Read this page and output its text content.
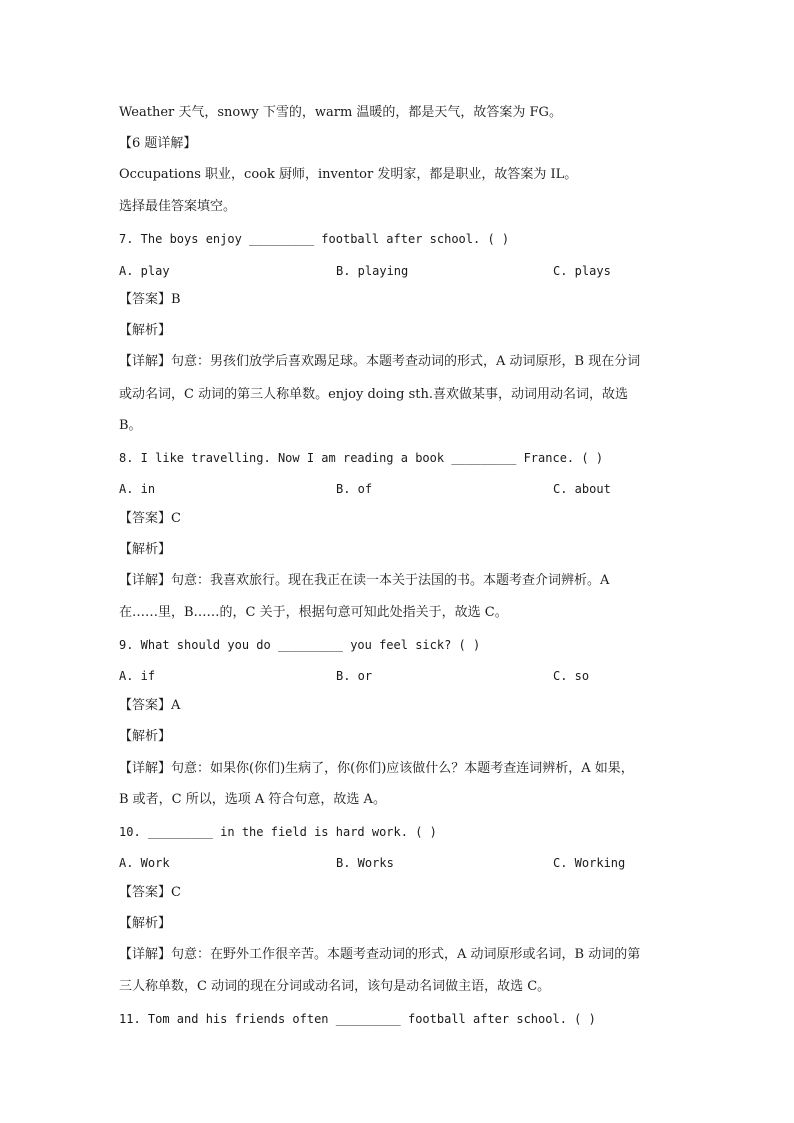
Weather 天气，snowy 下雪的，warm 温暖的，都是天气，故答案为 FG。
【6 题详解】
Occupations 职业，cook 厨师，inventor 发明家，都是职业，故答案为 IL。
选择最佳答案填空。
7. The boys enjoy _________ football after school. ( )
A. play	B. playing	C. plays
【答案】B
【解析】
【详解】句意：男孩们放学后喜欢踢足球。本题考查动词的形式，A 动词原形，B 现在分词
或动名词，C 动词的第三人称单数。enjoy doing sth.喜欢做某事，动词用动名词，故选
B。
8. I like travelling. Now I am reading a book _________ France. ( )
A. in	B. of	C. about
【答案】C
【解析】
【详解】句意：我喜欢旅行。现在我正在读一本关于法国的书。本题考查介词辨析。A
在……里，B……的，C 关于，根据句意可知此处指关于，故选 C。
9. What should you do _________ you feel sick? ( )
A. if	B. or	C. so
【答案】A
【解析】
【详解】句意：如果你(你们)生病了，你(你们)应该做什么？本题考查连词辨析，A 如果，
B 或者，C 所以，选项 A 符合句意，故选 A。
10. _________ in the field is hard work. ( )
A. Work	B. Works	C. Working
【答案】C
【解析】
【详解】句意：在野外工作很辛苦。本题考查动词的形式，A 动词原形或名词，B 动词的第
三人称单数，C 动词的现在分词或动名词，该句是动名词做主语，故选 C。
11. Tom and his friends often _________ football after school. ( )
